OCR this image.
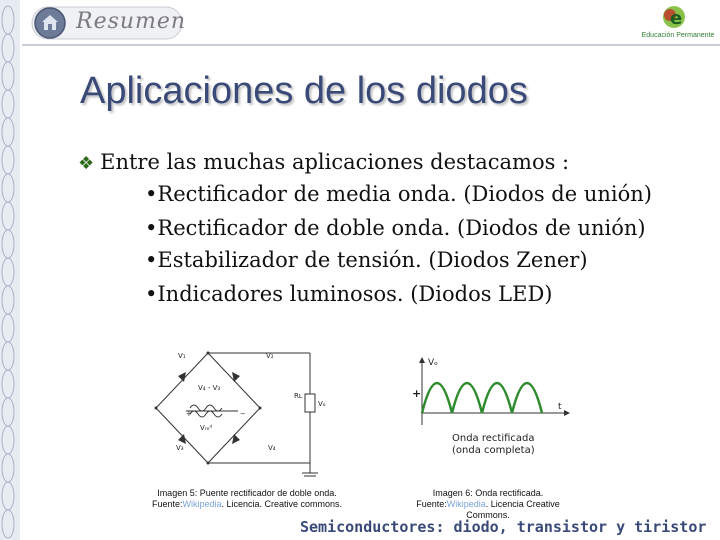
Resumen	e
Educación Permanente
Aplicaciones de los diodos
❖ Entre las muchas aplicaciones destacamos :
•Rectificador de media onda. (Diodos de unión)
•Rectificador de doble onda. (Diodos de unión)
•Estabilizador de tensión. (Diodos Zener)
•Indicadores luminosos. (Diodos LED)
V₁	V₂
V₃	V₄
V₄ - V₃
Vᵣₑᵈ
Rʟ
Vₒ
+	−
Vₒ
+
t
Onda rectificada
(onda completa)
Imagen 5: Puente rectificador de doble onda.
Fuente:Wikipedia. Licencia. Creative commons.
Imagen 6: Onda rectificada.
Fuente:Wikipedia. Licencia Creative Commons.
Semiconductores: diodo, transistor y tiristor
